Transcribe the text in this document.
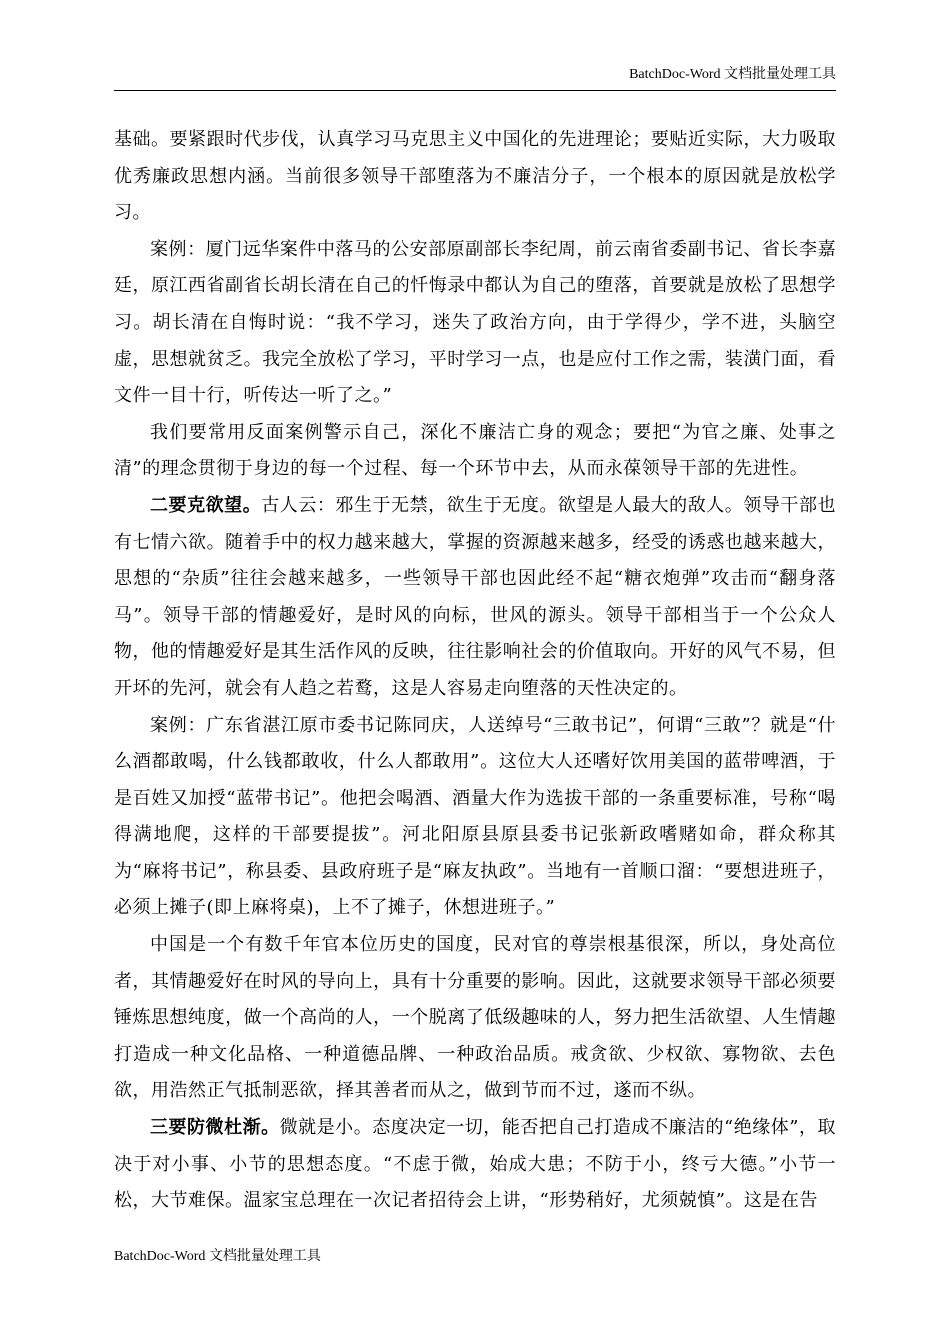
BatchDoc-Word 文档批量处理工具

基础。要紧跟时代步伐，认真学习马克思主义中国化的先进理论；要贴近实际，大力吸取优秀廉政思想内涵。当前很多领导干部堕落为不廉洁分子，一个根本的原因就是放松学习。

案例：厦门远华案件中落马的公安部原副部长李纪周，前云南省委副书记、省长李嘉廷，原江西省副省长胡长清在自己的忏悔录中都认为自己的堕落，首要就是放松了思想学习。胡长清在自悔时说：“我不学习，迷失了政治方向，由于学得少，学不进，头脑空虚，思想就贫乏。我完全放松了学习，平时学习一点，也是应付工作之需，装潢门面，看文件一目十行，听传达一听了之。”

我们要常用反面案例警示自己，深化不廉洁亡身的观念；要把“为官之廉、处事之清”的理念贯彻于身边的每一个过程、每一个环节中去，从而永葆领导干部的先进性。

二要克欲望。古人云：邪生于无禁，欲生于无度。欲望是人最大的敌人。领导干部也有七情六欲。随着手中的权力越来越大，掌握的资源越来越多，经受的诱惑也越来越大，思想的“杂质”往往会越来越多，一些领导干部也因此经不起“糖衣炮弹”攻击而“翻身落马”。领导干部的情趣爱好，是时风的向标，世风的源头。领导干部相当于一个公众人物，他的情趣爱好是其生活作风的反映，往往影响社会的价值取向。开好的风气不易，但开坏的先河，就会有人趋之若鹜，这是人容易走向堕落的天性决定的。

案例：广东省湛江原市委书记陈同庆，人送绰号“三敢书记”，何谓“三敢”？就是“什么酒都敢喝，什么钱都敢收，什么人都敢用”。这位大人还嗜好饮用美国的蓝带啤酒，于是百姓又加授“蓝带书记”。他把会喝酒、酒量大作为选拔干部的一条重要标准，号称“喝得满地爬，这样的干部要提拔”。河北阳原县原县委书记张新政嗜赌如命，群众称其为“麻将书记”，称县委、县政府班子是“麻友执政”。当地有一首顺口溜：“要想进班子，必须上摊子(即上麻将桌)，上不了摊子，休想进班子。”

中国是一个有数千年官本位历史的国度，民对官的尊崇根基很深，所以，身处高位者，其情趣爱好在时风的导向上，具有十分重要的影响。因此，这就要求领导干部必须要锤炼思想纯度，做一个高尚的人，一个脱离了低级趣味的人，努力把生活欲望、人生情趣打造成一种文化品格、一种道德品牌、一种政治品质。戒贪欲、少权欲、寡物欲、去色欲，用浩然正气抵制恶欲，择其善者而从之，做到节而不过，遂而不纵。

三要防微杜渐。微就是小。态度决定一切，能否把自己打造成不廉洁的“绝缘体”，取决于对小事、小节的思想态度。“不虑于微，始成大患；不防于小，终亏大德。”小节一松，大节难保。温家宝总理在一次记者招待会上讲，“形势稍好，尤须兢慎”。这是在告

BatchDoc-Word 文档批量处理工具
